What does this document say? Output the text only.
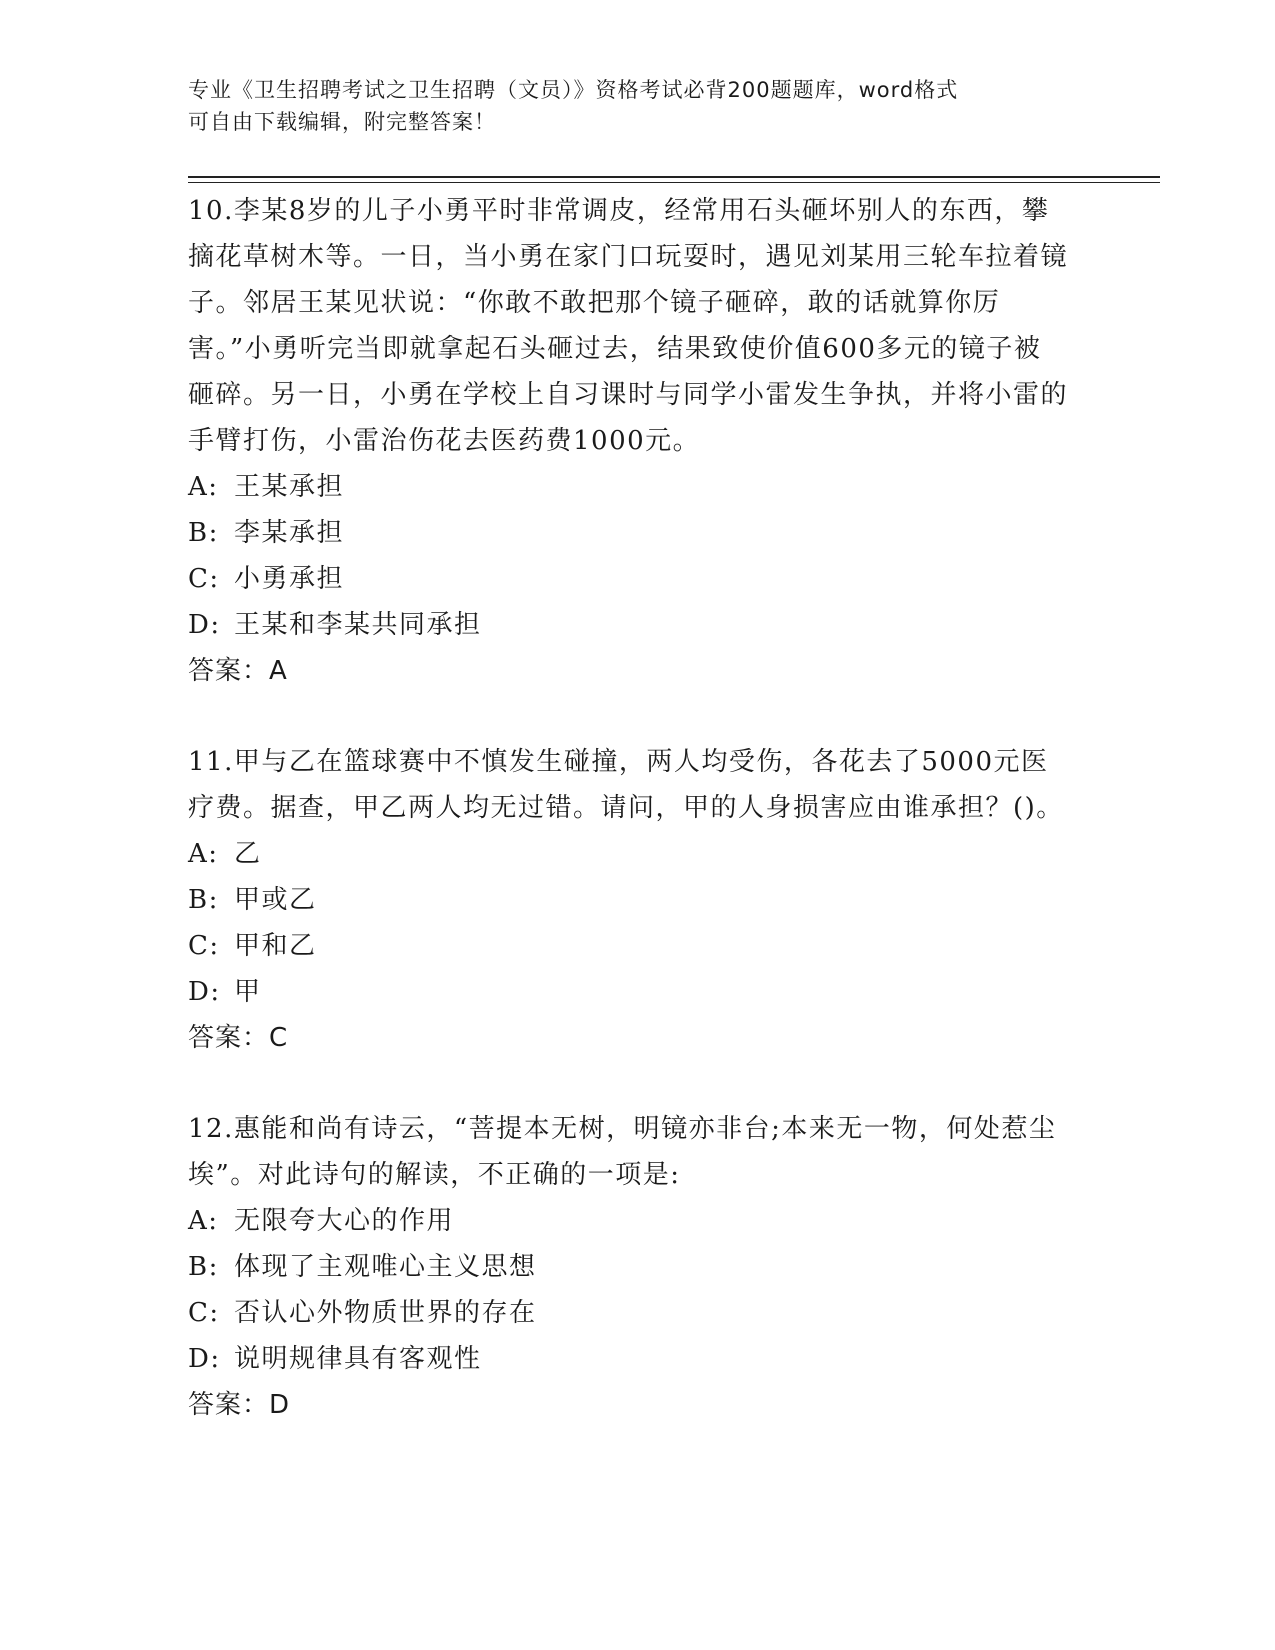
专业《卫生招聘考试之卫生招聘（文员）》资格考试必背200题题库，word格式
可自由下载编辑，附完整答案！
10.李某8岁的儿子小勇平时非常调皮，经常用石头砸坏别人的东西，攀摘花草树木等。一日，当小勇在家门口玩耍时，遇见刘某用三轮车拉着镜子。邻居王某见状说：“你敢不敢把那个镜子砸碎，敢的话就算你厉害。”小勇听完当即就拿起石头砸过去，结果致使价值600多元的镜子被砸碎。另一日，小勇在学校上自习课时与同学小雷发生争执，并将小雷的手臂打伤，小雷治伤花去医药费1000元。
A: 王某承担
B: 李某承担
C: 小勇承担
D: 王某和李某共同承担
答案：A
11.甲与乙在篮球赛中不慎发生碰撞，两人均受伤，各花去了5000元医疗费。据查，甲乙两人均无过错。请问，甲的人身损害应由谁承担？()。
A: 乙
B: 甲或乙
C: 甲和乙
D: 甲
答案：C
12.惠能和尚有诗云，“菩提本无树，明镜亦非台;本来无一物，何处惹尘埃”。对此诗句的解读，不正确的一项是:
A: 无限夸大心的作用
B: 体现了主观唯心主义思想
C: 否认心外物质世界的存在
D: 说明规律具有客观性
答案：D
